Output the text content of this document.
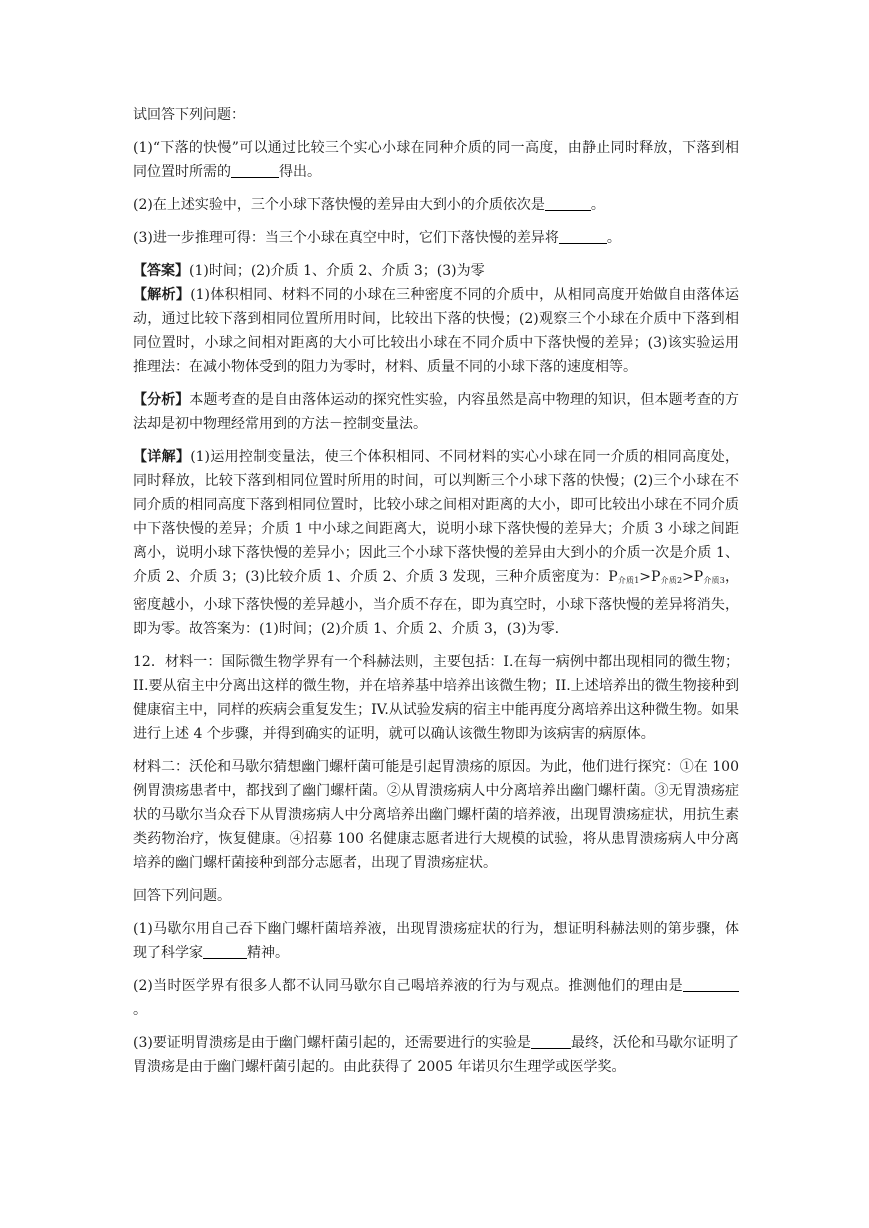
试回答下列问题：

(1)“下落的快慢”可以通过比较三个实心小球在同种介质的同一高度，由静止同时释放，下落到相同位置时所需的	得出。

(2)在上述实验中，三个小球下落快慢的差异由大到小的介质依次是	。

(3)进一步推理可得：当三个小球在真空中时，它们下落快慢的差异将	。

【答案】(1)时间；(2)介质 1、介质 2、介质 3；(3)为零

【解析】(1)体积相同、材料不同的小球在三种密度不同的介质中，从相同高度开始做自由落体运动，通过比较下落到相同位置所用时间，比较出下落的快慢；(2)观察三个小球在介质中下落到相同位置时，小球之间相对距离的大小可比较出小球在不同介质中下落快慢的差异；(3)该实验运用推理法：在减小物体受到的阻力为零时，材料、质量不同的小球下落的速度相等。

【分析】本题考查的是自由落体运动的探究性实验，内容虽然是高中物理的知识，但本题考查的方法却是初中物理经常用到的方法－控制变量法。

【详解】(1)运用控制变量法，使三个体积相同、不同材料的实心小球在同一介质的相同高度处，同时释放，比较下落到相同位置时所用的时间，可以判断三个小球下落的快慢；(2)三个小球在不同介质的相同高度下落到相同位置时，比较小球之间相对距离的大小，即可比较出小球在不同介质中下落快慢的差异；介质 1 中小球之间距离大，说明小球下落快慢的差异大；介质 3 小球之间距离小，说明小球下落快慢的差异小；因此三个小球下落快慢的差异由大到小的介质一次是介质 1、介质 2、介质 3；(3)比较介质 1、介质 2、介质 3 发现，三种介质密度为：$P_{介质1}>P_{介质2}>P_{介质3}$，密度越小，小球下落快慢的差异越小，当介质不存在，即为真空时，小球下落快慢的差异将消失，即为零。故答案为：(1)时间；(2)介质 1、介质 2、介质 3，(3)为零.

12．材料一：国际微生物学界有一个科赫法则，主要包括：I.在每一病例中都出现相同的微生物；II.要从宿主中分离出这样的微生物，并在培养基中培养出该微生物；II.上述培养出的微生物接种到健康宿主中，同样的疾病会重复发生；IV.从试验发病的宿主中能再度分离培养出这种微生物。如果进行上述 4 个步骤，并得到确实的证明，就可以确认该微生物即为该病害的病原体。

材料二：沃伦和马歇尔猜想幽门螺杆菌可能是引起胃溃疡的原因。为此，他们进行探究：①在 100 例胃溃疡患者中，都找到了幽门螺杆菌。②从胃溃疡病人中分离培养出幽门螺杆菌。③无胃溃疡症状的马歇尔当众吞下从胃溃疡病人中分离培养出幽门螺杆菌的培养液，出现胃溃疡症状，用抗生素类药物治疗，恢复健康。④招募 100 名健康志愿者进行大规模的试验，将从患胃溃疡病人中分离培养的幽门螺杆菌接种到部分志愿者，出现了胃溃疡症状。

回答下列问题。

(1)马歇尔用自己吞下幽门螺杆菌培养液，出现胃溃疡症状的行为，想证明科赫法则的第步骤，体现了科学家	精神。

(2)当时医学界有很多人都不认同马歇尔自己喝培养液的行为与观点。推测他们的理由是。

(3)要证明胃溃疡是由于幽门螺杆菌引起的，还需要进行的实验是	最终，沃伦和马歇尔证明了胃溃疡是由于幽门螺杆菌引起的。由此获得了 2005 年诺贝尔生理学或医学奖。
